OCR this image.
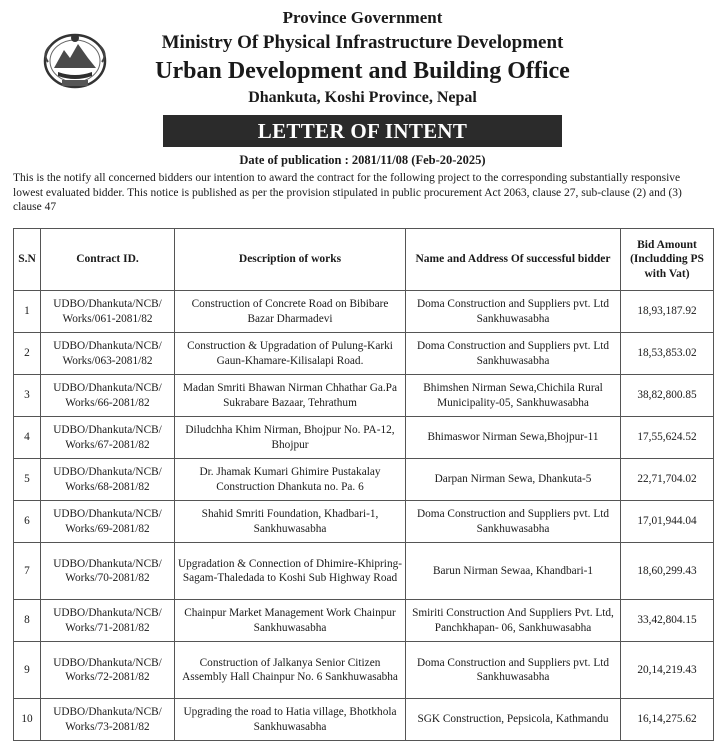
Province Government
Ministry Of Physical Infrastructure Development
Urban Development and Building Office
Dhankuta, Koshi Province, Nepal
LETTER OF INTENT
Date of publication : 2081/11/08 (Feb-20-2025)
This is the notify all concerned bidders our intention to award the contract for the following project to the corresponding substantially responsive lowest evaluated bidder. This notice is published as per the provision stipulated in public procurement Act 2063, clause 27, sub-clause (2) and (3) clause 47
S.N	Contract ID.	Description of works	Name and Address Of successful bidder	Bid Amount (Includding PS with Vat)
1	UDBO/Dhankuta/NCB/ Works/061-2081/82	Construction of Concrete Road on Bibibare Bazar Dharmadevi	Doma Construction and Suppliers pvt. Ltd Sankhuwasabha	18,93,187.92
2	UDBO/Dhankuta/NCB/ Works/063-2081/82	Construction & Upgradation of Pulung-Karki Gaun-Khamare-Kilisalapi Road.	Doma Construction and Suppliers pvt. Ltd Sankhuwasabha	18,53,853.02
3	UDBO/Dhankuta/NCB/ Works/66-2081/82	Madan Smriti Bhawan Nirman Chhathar Ga.Pa Sukrabare Bazaar, Tehrathum	Bhimshen Nirman Sewa,Chichila Rural Municipality-05, Sankhuwasabha	38,82,800.85
4	UDBO/Dhankuta/NCB/ Works/67-2081/82	Diludchha Khim Nirman, Bhojpur No. PA-12, Bhojpur	Bhimaswor Nirman Sewa,Bhojpur-11	17,55,624.52
5	UDBO/Dhankuta/NCB/ Works/68-2081/82	Dr. Jhamak Kumari Ghimire Pustakalay Construction Dhankuta no. Pa. 6	Darpan Nirman Sewa, Dhankuta-5	22,71,704.02
6	UDBO/Dhankuta/NCB/ Works/69-2081/82	Shahid Smriti Foundation, Khadbari-1, Sankhuwasabha	Doma Construction and Suppliers pvt. Ltd Sankhuwasabha	17,01,944.04
7	UDBO/Dhankuta/NCB/ Works/70-2081/82	Upgradation & Connection of Dhimire-Khipring-Sagam-Thaledada to Koshi Sub Highway Road	Barun Nirman Sewaa, Khandbari-1	18,60,299.43
8	UDBO/Dhankuta/NCB/ Works/71-2081/82	Chainpur Market Management Work Chainpur Sankhuwasabha	Smiriti Construction And Suppliers Pvt. Ltd, Panchkhapan- 06, Sankhuwasabha	33,42,804.15
9	UDBO/Dhankuta/NCB/ Works/72-2081/82	Construction of Jalkanya Senior Citizen Assembly Hall Chainpur No. 6 Sankhuwasabha	Doma Construction and Suppliers pvt. Ltd Sankhuwasabha	20,14,219.43
10	UDBO/Dhankuta/NCB/ Works/73-2081/82	Upgrading the road to Hatia village, Bhotkhola Sankhuwasabha	SGK Construction, Pepsicola, Kathmandu	16,14,275.62
